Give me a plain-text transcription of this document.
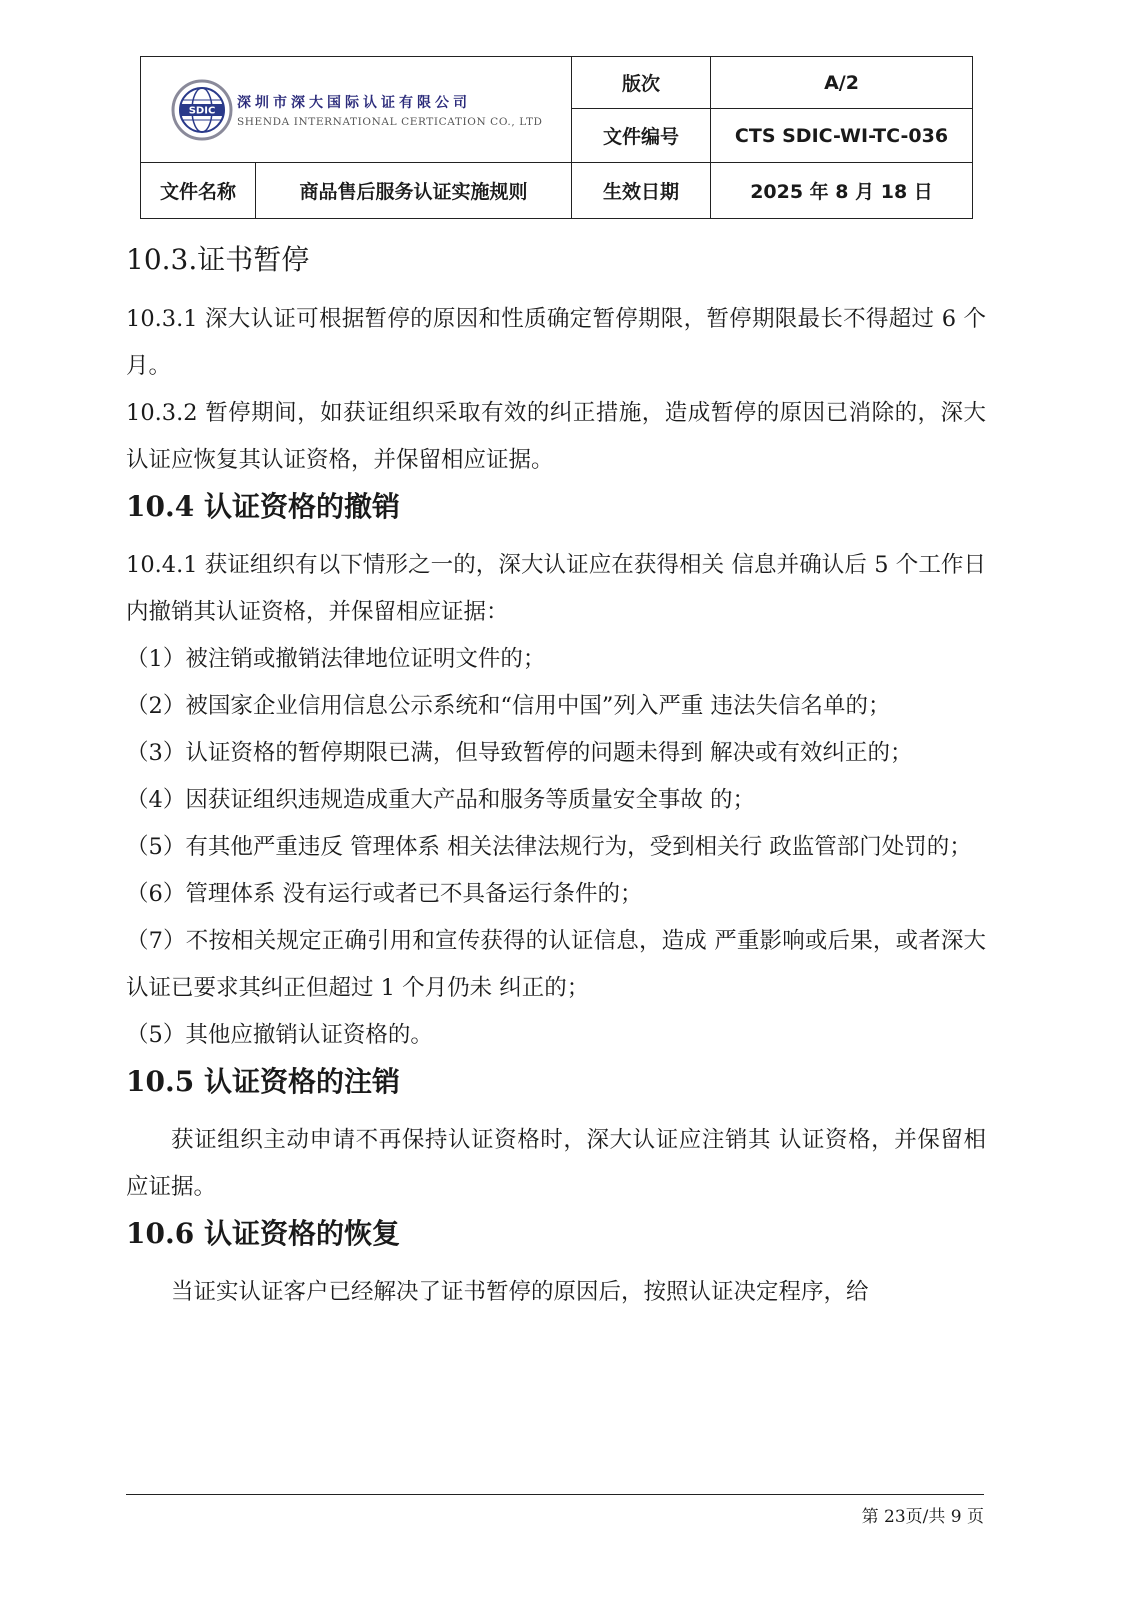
SDIC 深圳市深大国际认证有限公司
SHENDA INTERNATIONAL CERTICATION CO., LTD		版次	A/2
		文件编号	CTS SDIC-WI-TC-036
文件名称	商品售后服务认证实施规则	生效日期	2025 年 8 月 18 日
10.3.证书暂停

10.3.1 深大认证可根据暂停的原因和性质确定暂停期限，暂停期限最长不得超过 6 个月。

10.3.2 暂停期间，如获证组织采取有效的纠正措施，造成暂停的原因已消除的，深大认证应恢复其认证资格，并保留相应证据。

10.4 认证资格的撤销

10.4.1 获证组织有以下情形之一的，深大认证应在获得相关 信息并确认后 5 个工作日内撤销其认证资格，并保留相应证据：

（1）被注销或撤销法律地位证明文件的；

（2）被国家企业信用信息公示系统和“信用中国”列入严重 违法失信名单的；

（3）认证资格的暂停期限已满，但导致暂停的问题未得到 解决或有效纠正的；

（4）因获证组织违规造成重大产品和服务等质量安全事故 的；

（5）有其他严重违反 管理体系 相关法律法规行为，受到相关行 政监管部门处罚的；

（6）管理体系 没有运行或者已不具备运行条件的；

（7）不按相关规定正确引用和宣传获得的认证信息，造成 严重影响或后果，或者深大认证已要求其纠正但超过 1 个月仍未 纠正的；

（5）其他应撤销认证资格的。

10.5 认证资格的注销

获证组织主动申请不再保持认证资格时，深大认证应注销其 认证资格，并保留相应证据。

10.6 认证资格的恢复

当证实认证客户已经解决了证书暂停的原因后，按照认证决定程序，给

第 23页/共 9 页
